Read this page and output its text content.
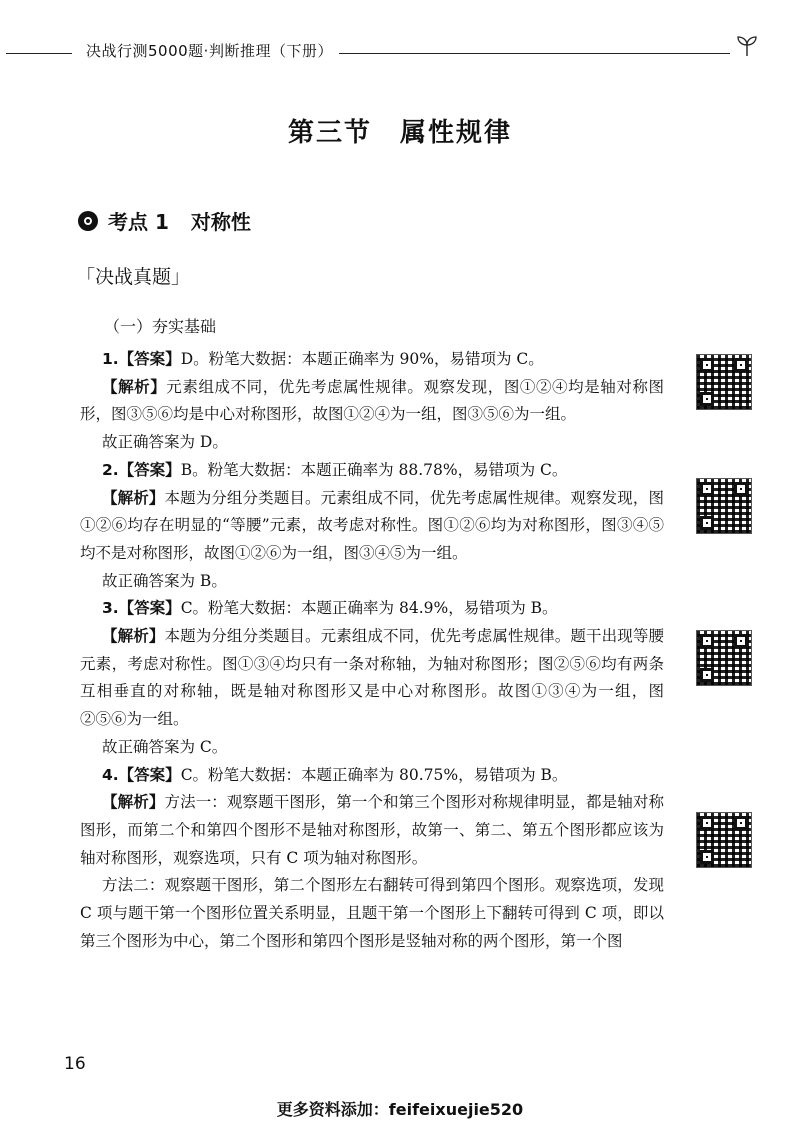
决战行测5000题·判断推理（下册）
第三节　属性规律
考点 1 对称性
「决战真题」
（一）夯实基础

1.【答案】D。粉笔大数据：本题正确率为 90%，易错项为 C。

【解析】元素组成不同，优先考虑属性规律。观察发现，图①②④均是轴对称图形，图③⑤⑥均是中心对称图形，故图①②④为一组，图③⑤⑥为一组。

故正确答案为 D。

2.【答案】B。粉笔大数据：本题正确率为 88.78%，易错项为 C。

【解析】本题为分组分类题目。元素组成不同，优先考虑属性规律。观察发现，图①②⑥均存在明显的“等腰”元素，故考虑对称性。图①②⑥均为对称图形，图③④⑤均不是对称图形，故图①②⑥为一组，图③④⑤为一组。

故正确答案为 B。

3.【答案】C。粉笔大数据：本题正确率为 84.9%，易错项为 B。

【解析】本题为分组分类题目。元素组成不同，优先考虑属性规律。题干出现等腰元素，考虑对称性。图①③④均只有一条对称轴，为轴对称图形；图②⑤⑥均有两条互相垂直的对称轴，既是轴对称图形又是中心对称图形。故图①③④为一组，图②⑤⑥为一组。

故正确答案为 C。

4.【答案】C。粉笔大数据：本题正确率为 80.75%，易错项为 B。

【解析】方法一：观察题干图形，第一个和第三个图形对称规律明显，都是轴对称图形，而第二个和第四个图形不是轴对称图形，故第一、第二、第五个图形都应该为轴对称图形，观察选项，只有 C 项为轴对称图形。

方法二：观察题干图形，第二个图形左右翻转可得到第四个图形。观察选项，发现 C 项与题干第一个图形位置关系明显，且题干第一个图形上下翻转可得到 C 项，即以第三个图形为中心，第二个图形和第四个图形是竖轴对称的两个图形，第一个图

16
更多资料添加：feifeixuejie520
